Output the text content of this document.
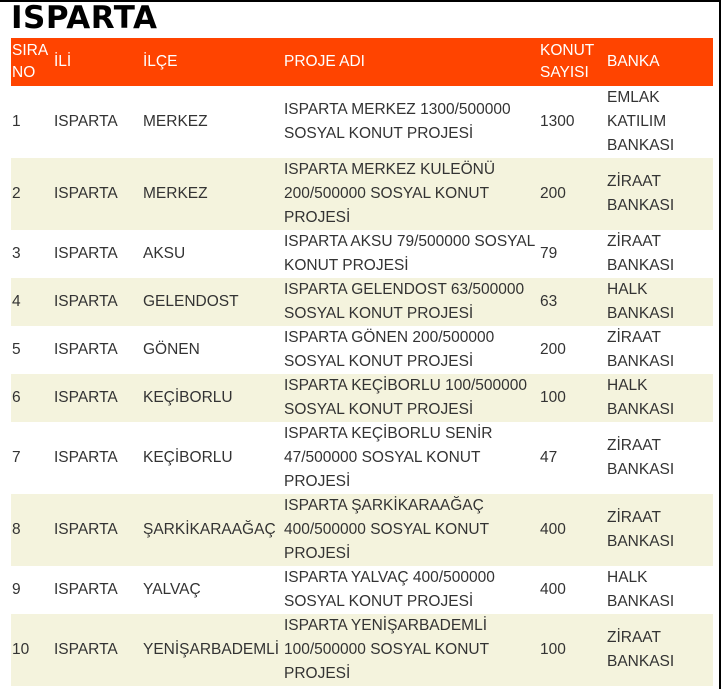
ISPARTA
SIRA NO	İLİ	İLÇE	PROJE ADI	KONUT SAYISI	BANKA
1	ISPARTA	MERKEZ	ISPARTA MERKEZ 1300/500000 SOSYAL KONUT PROJESİ	1300	EMLAK KATILIM BANKASI
2	ISPARTA	MERKEZ	ISPARTA MERKEZ KULEÖNÜ 200/500000 SOSYAL KONUT PROJESİ	200	ZİRAAT BANKASI
3	ISPARTA	AKSU	ISPARTA AKSU 79/500000 SOSYAL KONUT PROJESİ	79	ZİRAAT BANKASI
4	ISPARTA	GELENDOST	ISPARTA GELENDOST 63/500000 SOSYAL KONUT PROJESİ	63	HALK BANKASI
5	ISPARTA	GÖNEN	ISPARTA GÖNEN 200/500000 SOSYAL KONUT PROJESİ	200	ZİRAAT BANKASI
6	ISPARTA	KEÇİBORLU	ISPARTA KEÇİBORLU 100/500000 SOSYAL KONUT PROJESİ	100	HALK BANKASI
7	ISPARTA	KEÇİBORLU	ISPARTA KEÇİBORLU SENİR 47/500000 SOSYAL KONUT PROJESİ	47	ZİRAAT BANKASI
8	ISPARTA	ŞARKİKARAAĞAÇ	ISPARTA ŞARKİKARAAĞAÇ 400/500000 SOSYAL KONUT PROJESİ	400	ZİRAAT BANKASI
9	ISPARTA	YALVAÇ	ISPARTA YALVAÇ 400/500000 SOSYAL KONUT PROJESİ	400	HALK BANKASI
10	ISPARTA	YENİŞARBADEMLİ	ISPARTA YENİŞARBADEMLİ 100/500000 SOSYAL KONUT PROJESİ	100	ZİRAAT BANKASI
